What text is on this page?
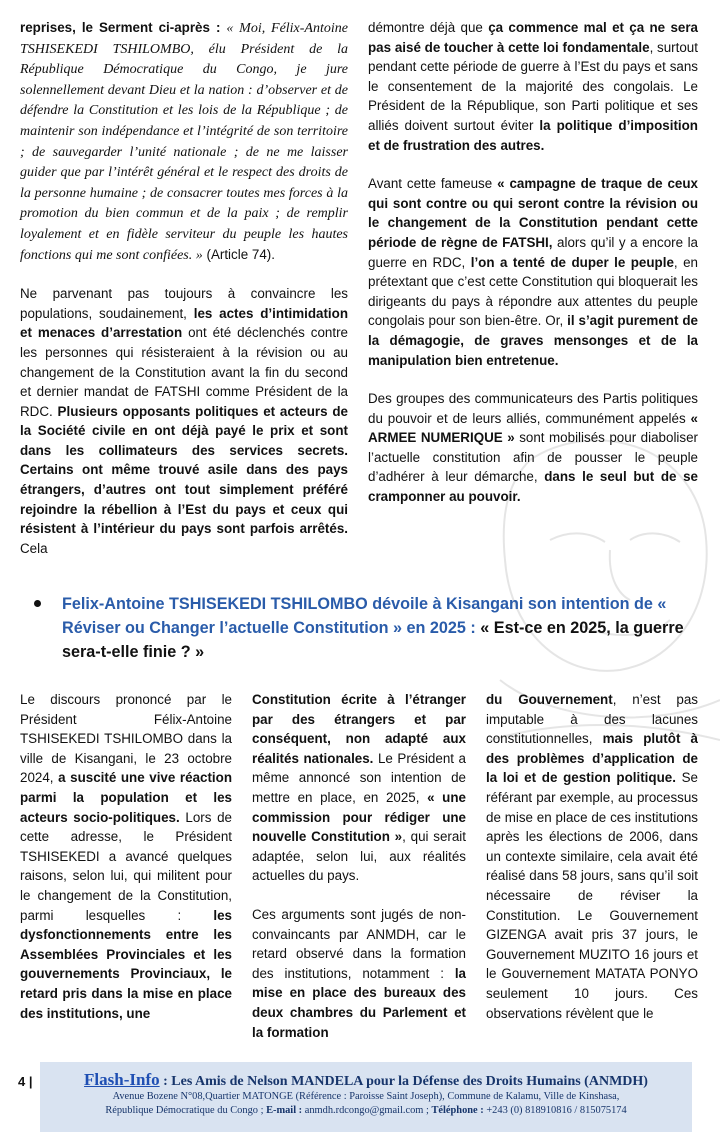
reprises, le Serment ci-après : « Moi, Félix-Antoine TSHISEKEDI TSHILOMBO, élu Président de la République Démocratique du Congo, je jure solennellement devant Dieu et la nation : d’observer et de défendre la Constitution et les lois de la République ; de maintenir son indépendance et l’intégrité de son territoire ; de sauvegarder l’unité nationale ; de ne me laisser guider que par l’intérêt général et le respect des droits de la personne humaine ; de consacrer toutes mes forces à la promotion du bien commun et de la paix ; de remplir loyalement et en fidèle serviteur du peuple les hautes fonctions qui me sont confiées. » (Article 74).

Ne parvenant pas toujours à convaincre les populations, soudainement, les actes d’intimidation et menaces d’arrestation ont été déclenchés contre les personnes qui résisteraient à la révision ou au changement de la Constitution avant la fin du second et dernier mandat de FATSHI comme Président de la RDC. Plusieurs opposants politiques et acteurs de la Société civile en ont déjà payé le prix et sont dans les collimateurs des services secrets. Certains ont même trouvé asile dans des pays étrangers, d’autres ont tout simplement préféré rejoindre la rébellion à l’Est du pays et ceux qui résistent à l’intérieur du pays sont parfois arrêtés. Cela

démontre déjà que ça commence mal et ça ne sera pas aisé de toucher à cette loi fondamentale, surtout pendant cette période de guerre à l’Est du pays et sans le consentement de la majorité des congolais. Le Président de la République, son Parti politique et ses alliés doivent surtout éviter la politique d’imposition et de frustration des autres.

Avant cette fameuse « campagne de traque de ceux qui sont contre ou qui seront contre la révision ou le changement de la Constitution pendant cette période de règne de FATSHI, alors qu’il y a encore la guerre en RDC, l’on a tenté de duper le peuple, en prétextant que c’est cette Constitution qui bloquerait les dirigeants du pays à répondre aux attentes du peuple congolais pour son bien-être. Or, il s’agit purement de la démagogie, de graves mensonges et de la manipulation bien entretenue.

Des groupes des communicateurs des Partis politiques du pouvoir et de leurs alliés, communément appelés « ARMEE NUMERIQUE » sont mobilisés pour diaboliser l’actuelle constitution afin de pousser le peuple d’adhérer à leur démarche, dans le seul but de se cramponner au pouvoir.

Felix-Antoine TSHISEKEDI TSHILOMBO dévoile à Kisangani son intention de « Réviser ou Changer l’actuelle Constitution » en 2025 : « Est-ce en 2025, la guerre sera-t-elle finie ? »

Le discours prononcé par le Président Félix-Antoine TSHISEKEDI TSHILOMBO dans la ville de Kisangani, le 23 octobre 2024, a suscité une vive réaction parmi la population et les acteurs socio-politiques. Lors de cette adresse, le Président TSHISEKEDI a avancé quelques raisons, selon lui, qui militent pour le changement de la Constitution, parmi lesquelles : les dysfonctionnements entre les Assemblées Provinciales et les gouvernements Provinciaux, le retard pris dans la mise en place des institutions, une

Constitution écrite à l’étranger par des étrangers et par conséquent, non adapté aux réalités nationales. Le Président a même annoncé son intention de mettre en place, en 2025, « une commission pour rédiger une nouvelle Constitution », qui serait adaptée, selon lui, aux réalités actuelles du pays.

Ces arguments sont jugés de non-convaincants par ANMDH, car le retard observé dans la formation des institutions, notamment : la mise en place des bureaux des deux chambres du Parlement et la formation

du Gouvernement, n’est pas imputable à des lacunes constitutionnelles, mais plutôt à des problèmes d’application de la loi et de gestion politique. Se référant par exemple, au processus de mise en place de ces institutions après les élections de 2006, dans un contexte similaire, cela avait été réalisé dans 58 jours, sans qu’il soit nécessaire de réviser la Constitution. Le Gouvernement GIZENGA avait pris 37 jours, le Gouvernement MUZITO 16 jours et le Gouvernement MATATA PONYO seulement 10 jours. Ces observations révèlent que le

4 |	Flash-Info : Les Amis de Nelson MANDELA pour la Défense des Droits Humains (ANMDH)
Avenue Bozene N°08,Quartier MATONGE (Référence : Paroisse Saint Joseph), Commune de Kalamu, Ville de Kinshasa,
République Démocratique du Congo ; E-mail : anmdh.rdcongo@gmail.com ; Téléphone : +243 (0) 818910816 / 815075174
